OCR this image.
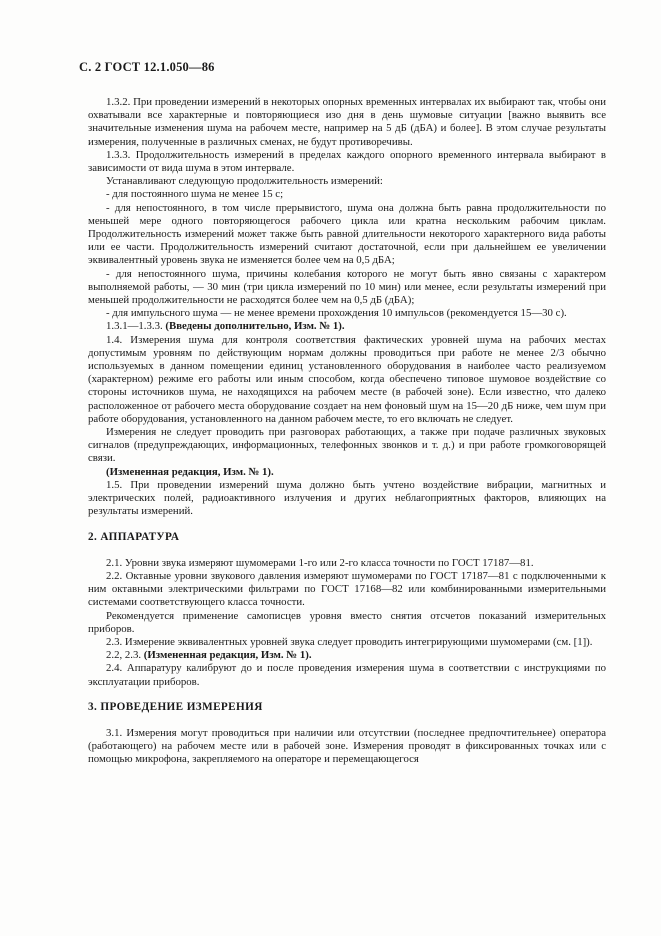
С. 2 ГОСТ 12.1.050—86

1.3.2. При проведении измерений в некоторых опорных временных интервалах их выбирают так, чтобы они охватывали все характерные и повторяющиеся изо дня в день шумовые ситуации [важно выявить все значительные изменения шума на рабочем месте, например на 5 дБ (дБА) и более]. В этом случае результаты измерения, полученные в различных сменах, не будут противоречивы.

1.3.3. Продолжительность измерений в пределах каждого опорного временного интервала выбирают в зависимости от вида шума в этом интервале.

Устанавливают следующую продолжительность измерений:

- для постоянного шума не менее 15 с;

- для непостоянного, в том числе прерывистого, шума она должна быть равна продолжительности по меньшей мере одного повторяющегося рабочего цикла или кратна нескольким рабочим циклам. Продолжительность измерений может также быть равной длительности некоторого характерного вида работы или ее части. Продолжительность измерений считают достаточной, если при дальнейшем ее увеличении эквивалентный уровень звука не изменяется более чем на 0,5 дБА;

- для непостоянного шума, причины колебания которого не могут быть явно связаны с характером выполняемой работы, — 30 мин (три цикла измерений по 10 мин) или менее, если результаты измерений при меньшей продолжительности не расходятся более чем на 0,5 дБ (дБА);

- для импульсного шума — не менее времени прохождения 10 импульсов (рекомендуется 15—30 с).

1.3.1—1.3.3. (Введены дополнительно, Изм. № 1).

1.4. Измерения шума для контроля соответствия фактических уровней шума на рабочих местах допустимым уровням по действующим нормам должны проводиться при работе не менее 2/3 обычно используемых в данном помещении единиц установленного оборудования в наиболее часто реализуемом (характерном) режиме его работы или иным способом, когда обеспечено типовое шумовое воздействие со стороны источников шума, не находящихся на рабочем месте (в рабочей зоне). Если известно, что далеко расположенное от рабочего места оборудование создает на нем фоновый шум на 15—20 дБ ниже, чем шум при работе оборудования, установленного на данном рабочем месте, то его включать не следует.

Измерения не следует проводить при разговорах работающих, а также при подаче различных звуковых сигналов (предупреждающих, информационных, телефонных звонков и т. д.) и при работе громкоговорящей связи.

(Измененная редакция, Изм. № 1).

1.5. При проведении измерений шума должно быть учтено воздействие вибрации, магнитных и электрических полей, радиоактивного излучения и других неблагоприятных факторов, влияющих на результаты измерений.

2. АППАРАТУРА

2.1. Уровни звука измеряют шумомерами 1-го или 2-го класса точности по ГОСТ 17187—81.

2.2. Октавные уровни звукового давления измеряют шумомерами по ГОСТ 17187—81 с подключенными к ним октавными электрическими фильтрами по ГОСТ 17168—82 или комбинированными измерительными системами соответствующего класса точности.

Рекомендуется применение самописцев уровня вместо снятия отсчетов показаний измерительных приборов.

2.3. Измерение эквивалентных уровней звука следует проводить интегрирующими шумомерами (см. [1]).

2.2, 2.3. (Измененная редакция, Изм. № 1).

2.4. Аппаратуру калибруют до и после проведения измерения шума в соответствии с инструкциями по эксплуатации приборов.

3. ПРОВЕДЕНИЕ ИЗМЕРЕНИЯ

3.1. Измерения могут проводиться при наличии или отсутствии (последнее предпочтительнее) оператора (работающего) на рабочем месте или в рабочей зоне. Измерения проводят в фиксированных точках или с помощью микрофона, закрепляемого на операторе и перемещающегося
